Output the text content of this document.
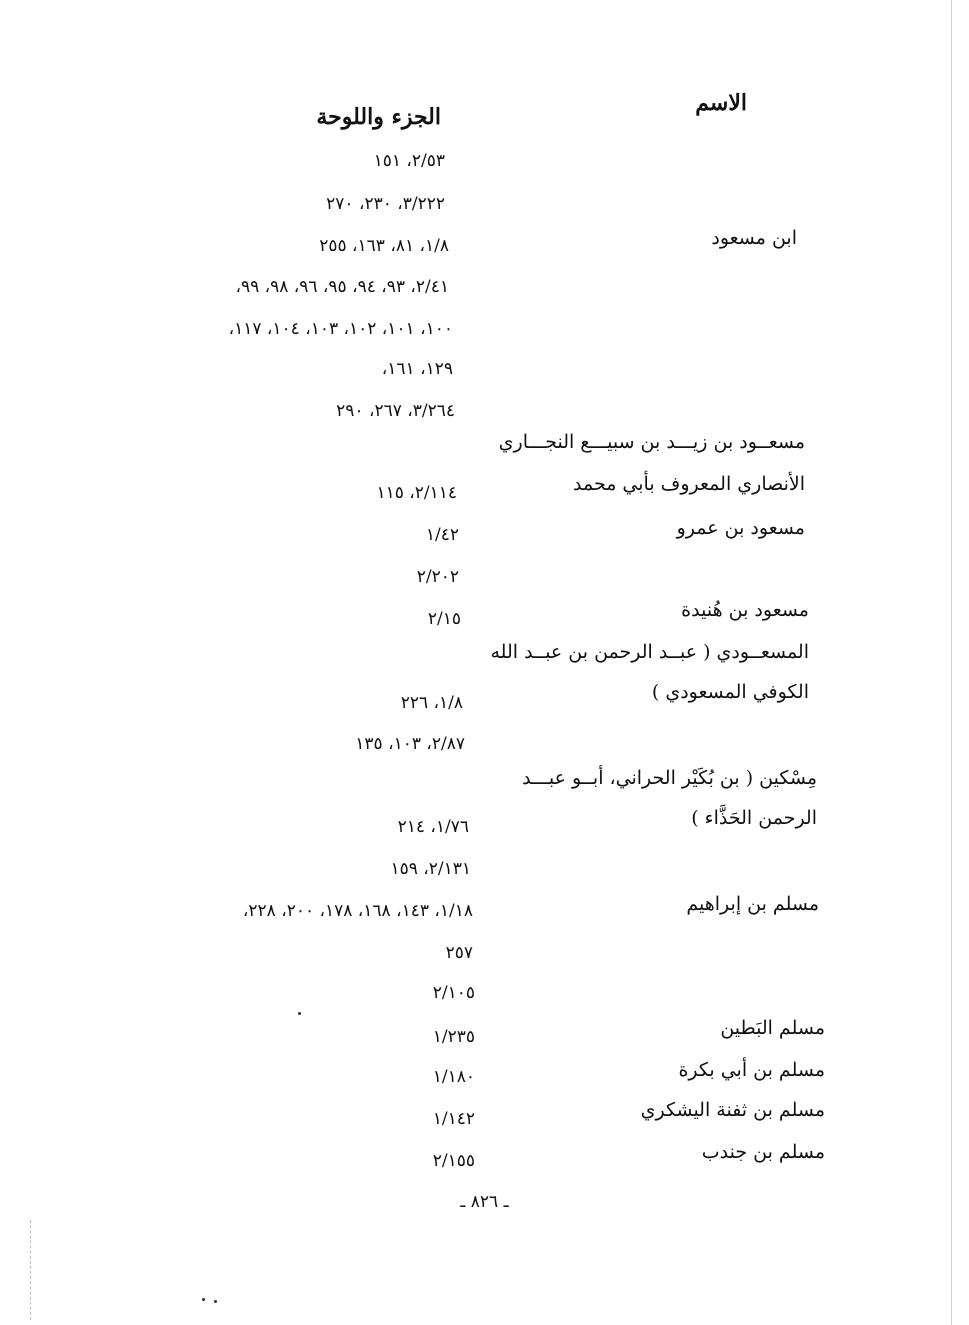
الاسم
الجزء واللوحة
ابن مسعود
مسعــود بن زيـــد بن سبيـــع النجـــاري
الأنصاري المعروف بأبي محمد
مسعود بن عمرو
مسعود بن هُنيدة
المسعــودي ( عبــد الرحمن بن عبــد الله
الكوفي المسعودي )
مِسْكين ( بن بُكَيْر الحراني، أبــو عبـــد
الرحمن الحَذَّاء )
مسلم بن إبراهيم
مسلم البَطين
مسلم بن أبي بكرة
مسلم بن ثفنة اليشكري
مسلم بن جندب
٢/٥٣، ١٥١
٣/٢٢٢، ٢٣٠، ٢٧٠
١/٨، ٨١، ١٦٣، ٢٥٥
٢/٤١، ٩٣، ٩٤، ٩٥، ٩٦، ٩٨، ٩٩،
١٠٠، ١٠١، ١٠٢، ١٠٣، ١٠٤، ١١٧،
١٢٩، ١٦١،
٣/٢٦٤، ٢٦٧، ٢٩٠
٢/١١٤، ١١٥
١/٤٢
٢/٢٠٢
٢/١٥
١/٨، ٢٢٦
٢/٨٧، ١٠٣، ١٣٥
١/٧٦، ٢١٤
٢/١٣١، ١٥٩
١/١٨، ١٤٣، ١٦٨، ١٧٨، ٢٠٠، ٢٢٨،
٢٥٧
٢/١٠٥
١/٢٣٥
١/١٨٠
١/١٤٢
٢/١٥٥
ـ ٨٢٦ ـ
